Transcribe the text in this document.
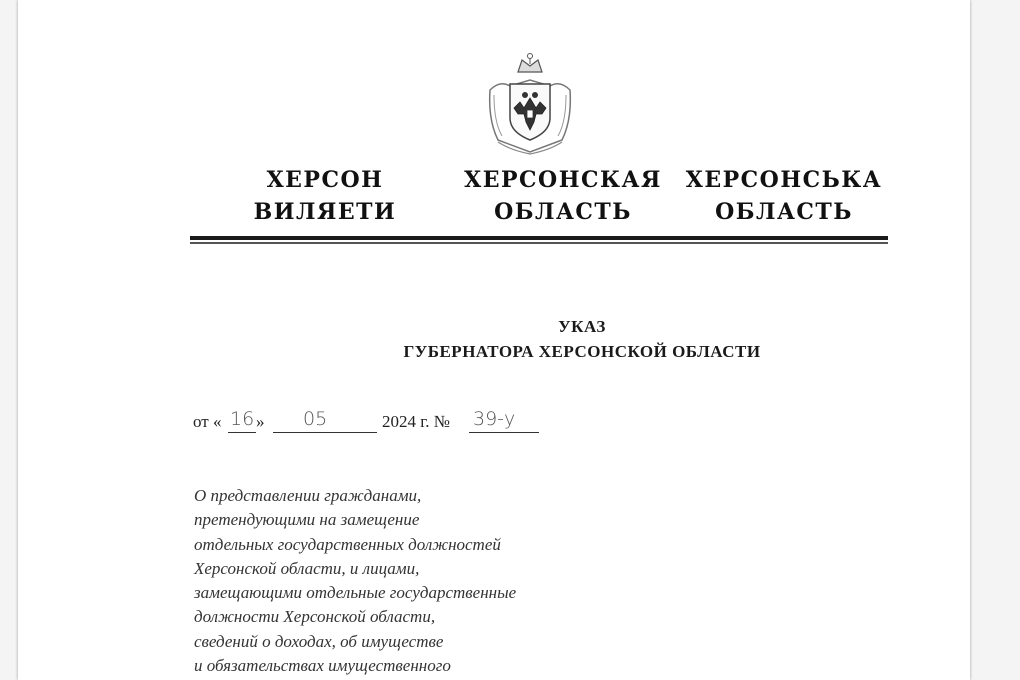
ХЕРСОН
ВИЛЯЕТИ
ХЕРСОНСКАЯ
ОБЛАСТЬ
ХЕРСОНСЬКА
ОБЛАСТЬ
УКАЗ
ГУБЕРНАТОРА ХЕРСОНСКОЙ ОБЛАСТИ
от « 16 » 05	2024 г. № 39-у
О представлении гражданами,
претендующими на замещение
отдельных государственных должностей
Херсонской области, и лицами,
замещающими отдельные государственные
должности Херсонской области,
сведений о доходах, об имуществе
и обязательствах имущественного
